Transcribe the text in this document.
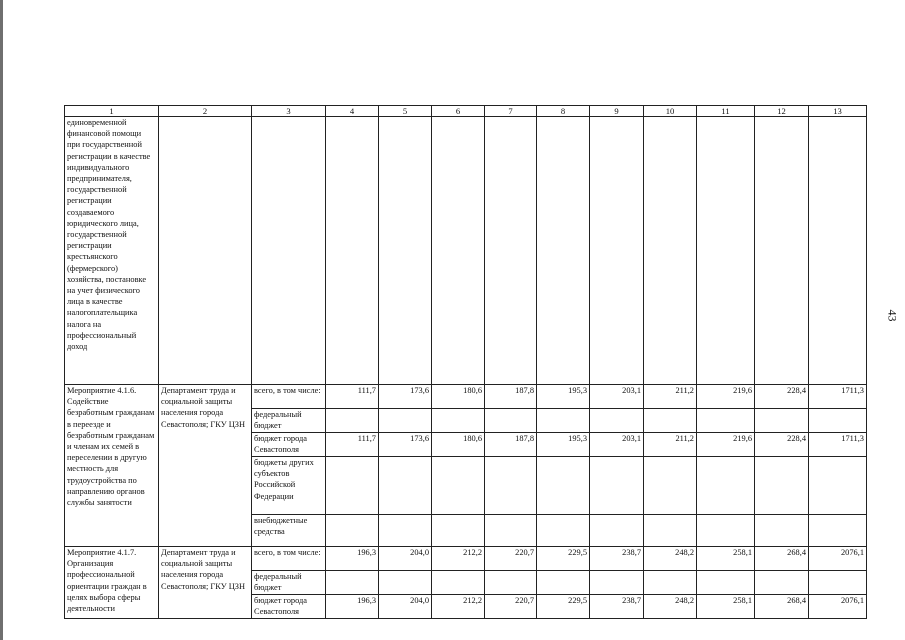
1	2	3	4	5	6	7	8	9	10	11	12	13
единовременной финансовой помощи при государственной регистрации в качестве индивидуального предпринимателя, государственной регистрации создаваемого юридического лица, государственной регистрации крестьянского (фермерского) хозяйства, постановке на учет физического лица в качестве налогоплательщика налога на профессиональный доход												
Мероприятие 4.1.6. Содействие безработным гражданам в переезде и безработным гражданам и членам их семей в переселении в другую местность для трудоустройства по направлению органов службы занятости	Департамент труда и социальной защиты населения города Севастополя; ГКУ ЦЗН	всего, в том числе:	111,7	173,6	180,6	187,8	195,3	203,1	211,2	219,6	228,4	1711,3
		федеральный бюджет										
		бюджет города Севастополя	111,7	173,6	180,6	187,8	195,3	203,1	211,2	219,6	228,4	1711,3
		бюджеты других субъектов Российской Федерации										
		внебюджетные средства										
Мероприятие 4.1.7. Организация профессиональной ориентации граждан в целях выбора сферы деятельности	Департамент труда и социальной защиты населения города Севастополя; ГКУ ЦЗН	всего, в том числе:	196,3	204,0	212,2	220,7	229,5	238,7	248,2	258,1	268,4	2076,1
		федеральный бюджет										
		бюджет города Севастополя	196,3	204,0	212,2	220,7	229,5	238,7	248,2	258,1	268,4	2076,1
43
